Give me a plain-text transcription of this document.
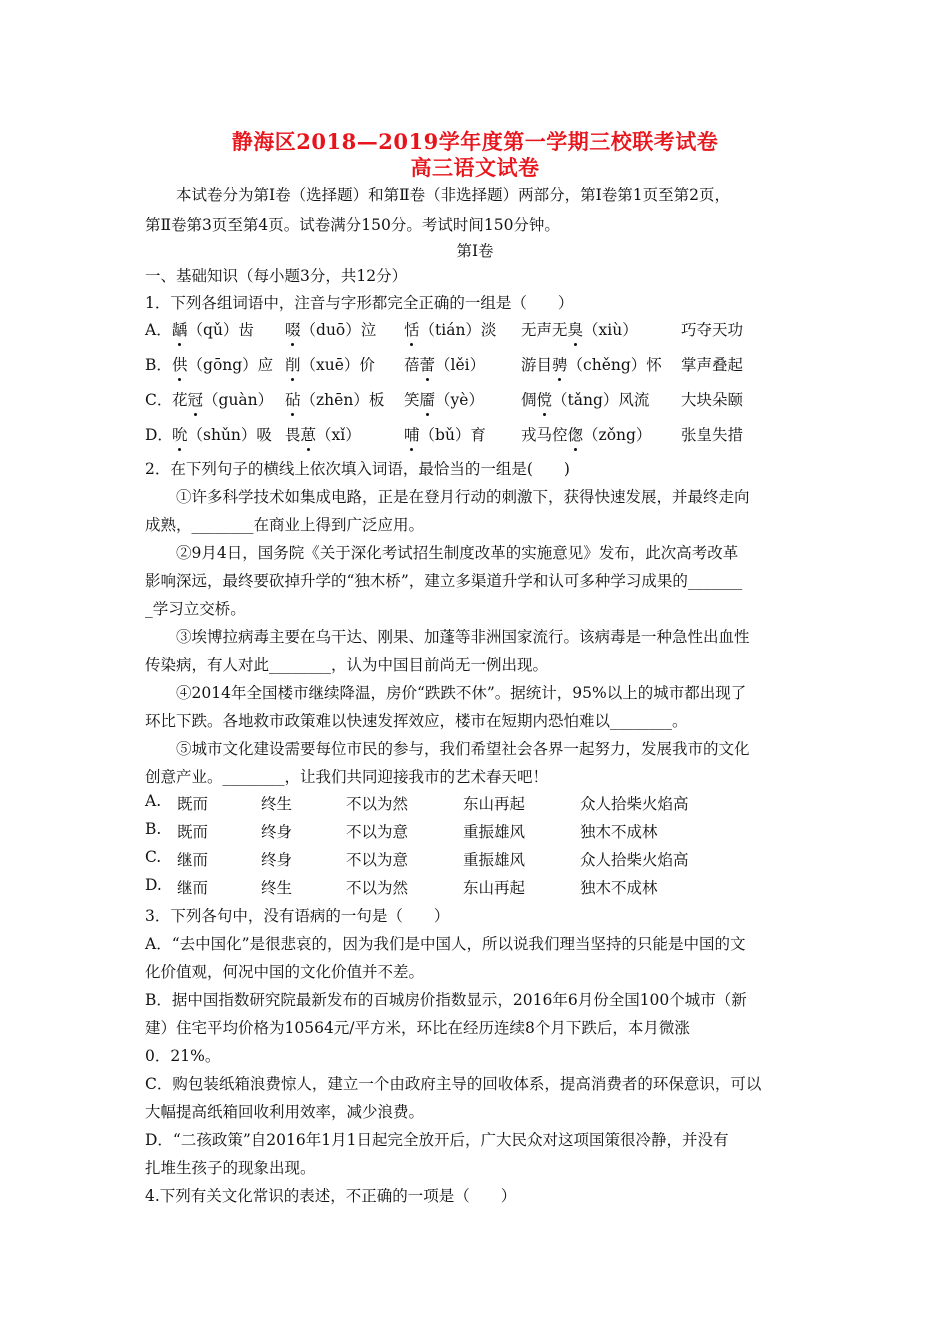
静海区2018—2019学年度第一学期三校联考试卷
高三语文试卷
本试卷分为第Ⅰ卷（选择题）和第Ⅱ卷（非选择题）两部分，第Ⅰ卷第1页至第2页，
第Ⅱ卷第3页至第4页。试卷满分150分。考试时间150分钟。
第Ⅰ卷
一、基础知识（每小题3分，共12分）
1．下列各组词语中，注音与字形都完全正确的一组是（　　）
A． 龋（qǔ）齿 啜（duō）泣 恬（tián）淡 无声无臭（xiù）	巧夺天功
B． 供（gōng）应 削（xuē）价 蓓蕾（lěi） 游目骋（chěng）怀 掌声叠起
C． 花冠（guàn） 砧（zhēn）板 笑靥（yè） 倜傥（tǎng）风流 大块朵颐
D． 吮（shǔn）吸 畏葸（xǐ）	哺（bǔ）育 戎马倥偬（zǒng） 张皇失措
2．在下列句子的横线上依次填入词语，最恰当的一组是(　　)
①许多科学技术如集成电路，正是在登月行动的刺激下，获得快速发展，并最终走向
成熟，________在商业上得到广泛应用。
②9月4日，国务院《关于深化考试招生制度改革的实施意见》发布，此次高考改革
影响深远，最终要砍掉升学的“独木桥”，建立多渠道升学和认可多种学习成果的_______
_学习立交桥。
③埃博拉病毒主要在乌干达、刚果、加蓬等非洲国家流行。该病毒是一种急性出血性
传染病，有人对此________，认为中国目前尚无一例出现。
④2014年全国楼市继续降温，房价“跌跌不休”。据统计，95%以上的城市都出现了
环比下跌。各地救市政策难以快速发挥效应，楼市在短期内恐怕难以________。
⑤城市文化建设需要每位市民的参与，我们希望社会各界一起努力，发展我市的文化
创意产业。________，让我们共同迎接我市的艺术春天吧！
A. 既而	终生	不以为然	东山再起	众人拾柴火焰高
B. 既而	终身	不以为意	重振雄风	独木不成林
C. 继而	终身	不以为意	重振雄风	众人拾柴火焰高
D. 继而	终生	不以为然	东山再起	独木不成林
3．下列各句中，没有语病的一句是（　　）
A．“去中国化”是很悲哀的，因为我们是中国人，所以说我们理当坚持的只能是中国的文
化价值观，何况中国的文化价值并不差。
B．据中国指数研究院最新发布的百城房价指数显示，2016年6月份全国100个城市（新
建）住宅平均价格为10564元/平方米，环比在经历连续8个月下跌后，本月微涨
0．21%。
C．购包装纸箱浪费惊人，建立一个由政府主导的回收体系，提高消费者的环保意识，可以
大幅提高纸箱回收利用效率，减少浪费。
D．“二孩政策”自2016年1月1日起完全放开后，广大民众对这项国策很冷静，并没有
扎堆生孩子的现象出现。
4.下列有关文化常识的表述，不正确的一项是（　　）
